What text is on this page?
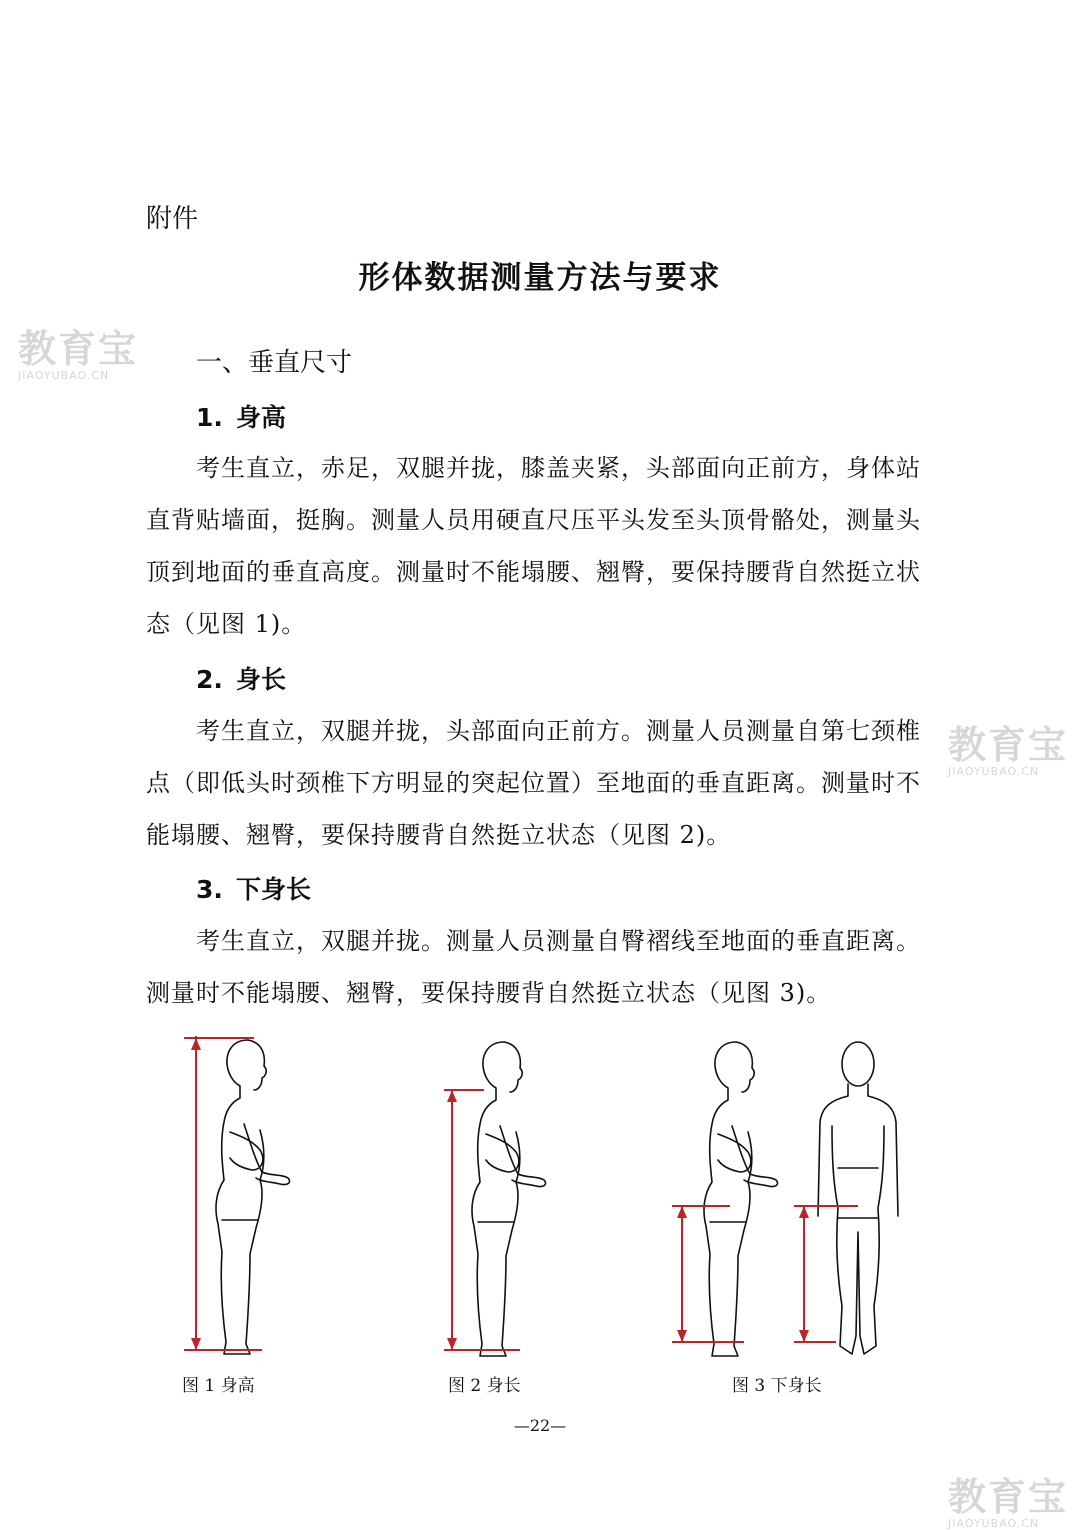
教育宝
JIAOYUBAO.CN
教育宝
JIAOYUBAO.CN
教育宝
JIAOYUBAO.CN
附件
形体数据测量方法与要求
一、垂直尺寸
1. 身高
考生直立，赤足，双腿并拢，膝盖夹紧，头部面向正前方，身体站直背贴墙面，挺胸。测量人员用硬直尺压平头发至头顶骨骼处，测量头顶到地面的垂直高度。测量时不能塌腰、翘臀，要保持腰背自然挺立状态（见图 1)。
2. 身长
考生直立，双腿并拢，头部面向正前方。测量人员测量自第七颈椎点（即低头时颈椎下方明显的突起位置）至地面的垂直距离。测量时不能塌腰、翘臀，要保持腰背自然挺立状态（见图 2)。
3. 下身长
考生直立，双腿并拢。测量人员测量自臀褶线至地面的垂直距离。测量时不能塌腰、翘臀，要保持腰背自然挺立状态（见图 3)。
图 1 身高	图 2 身长	图 3 下身长
—22—
